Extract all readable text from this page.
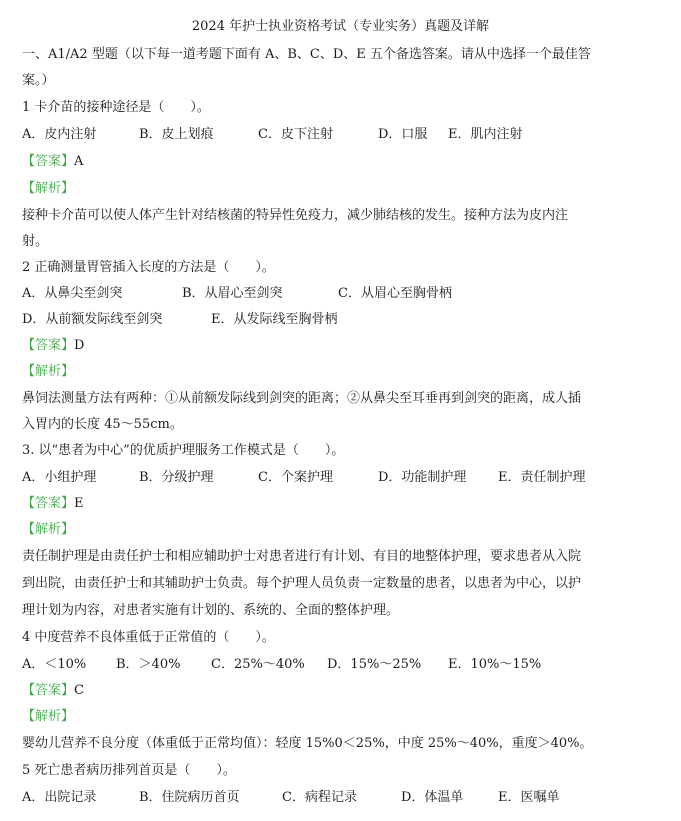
2024 年护士执业资格考试（专业实务）真题及详解
一、A1/A2 型题（以下每一道考题下面有 A、B、C、D、E 五个备选答案。请从中选择一个最佳答
案。）
1 卡介苗的接种途径是（　　）。
A．皮内注射	B．皮上划痕	C．皮下注射	D．口服 E．肌内注射
【答案】A
【解析】
接种卡介苗可以使人体产生针对结核菌的特异性免疫力，减少肺结核的发生。接种方法为皮内注
射。
2 正确测量胃管插入长度的方法是（　　）。
A．从鼻尖至剑突	B．从眉心至剑突	C．从眉心至胸骨柄
D．从前额发际线至剑突	E．从发际线至胸骨柄
【答案】D
【解析】
鼻饲法测量方法有两种：①从前额发际线到剑突的距离；②从鼻尖至耳垂再到剑突的距离，成人插
入胃内的长度 45～55cm。
3. 以“患者为中心”的优质护理服务工作模式是（　　）。
A．小组护理	B．分级护理	C．个案护理	D．功能制护理 E．责任制护理
【答案】E
【解析】
责任制护理是由责任护士和相应辅助护士对患者进行有计划、有目的地整体护理，要求患者从入院
到出院，由责任护士和其辅助护士负责。每个护理人员负责一定数量的患者，以患者为中心，以护
理计划为内容，对患者实施有计划的、系统的、全面的整体护理。
4 中度营养不良体重低于正常值的（　　）。
A．＜10% B．＞40% C．25%～40% D．15%～25% E．10%～15%
【答案】C
【解析】
婴幼儿营养不良分度（体重低于正常均值）：轻度 15%0＜25%，中度 25%～40%，重度＞40%。
5 死亡患者病历排列首页是（　　）。
A．出院记录	B．住院病历首页	C．病程记录	D．体温单	E．医嘱单
